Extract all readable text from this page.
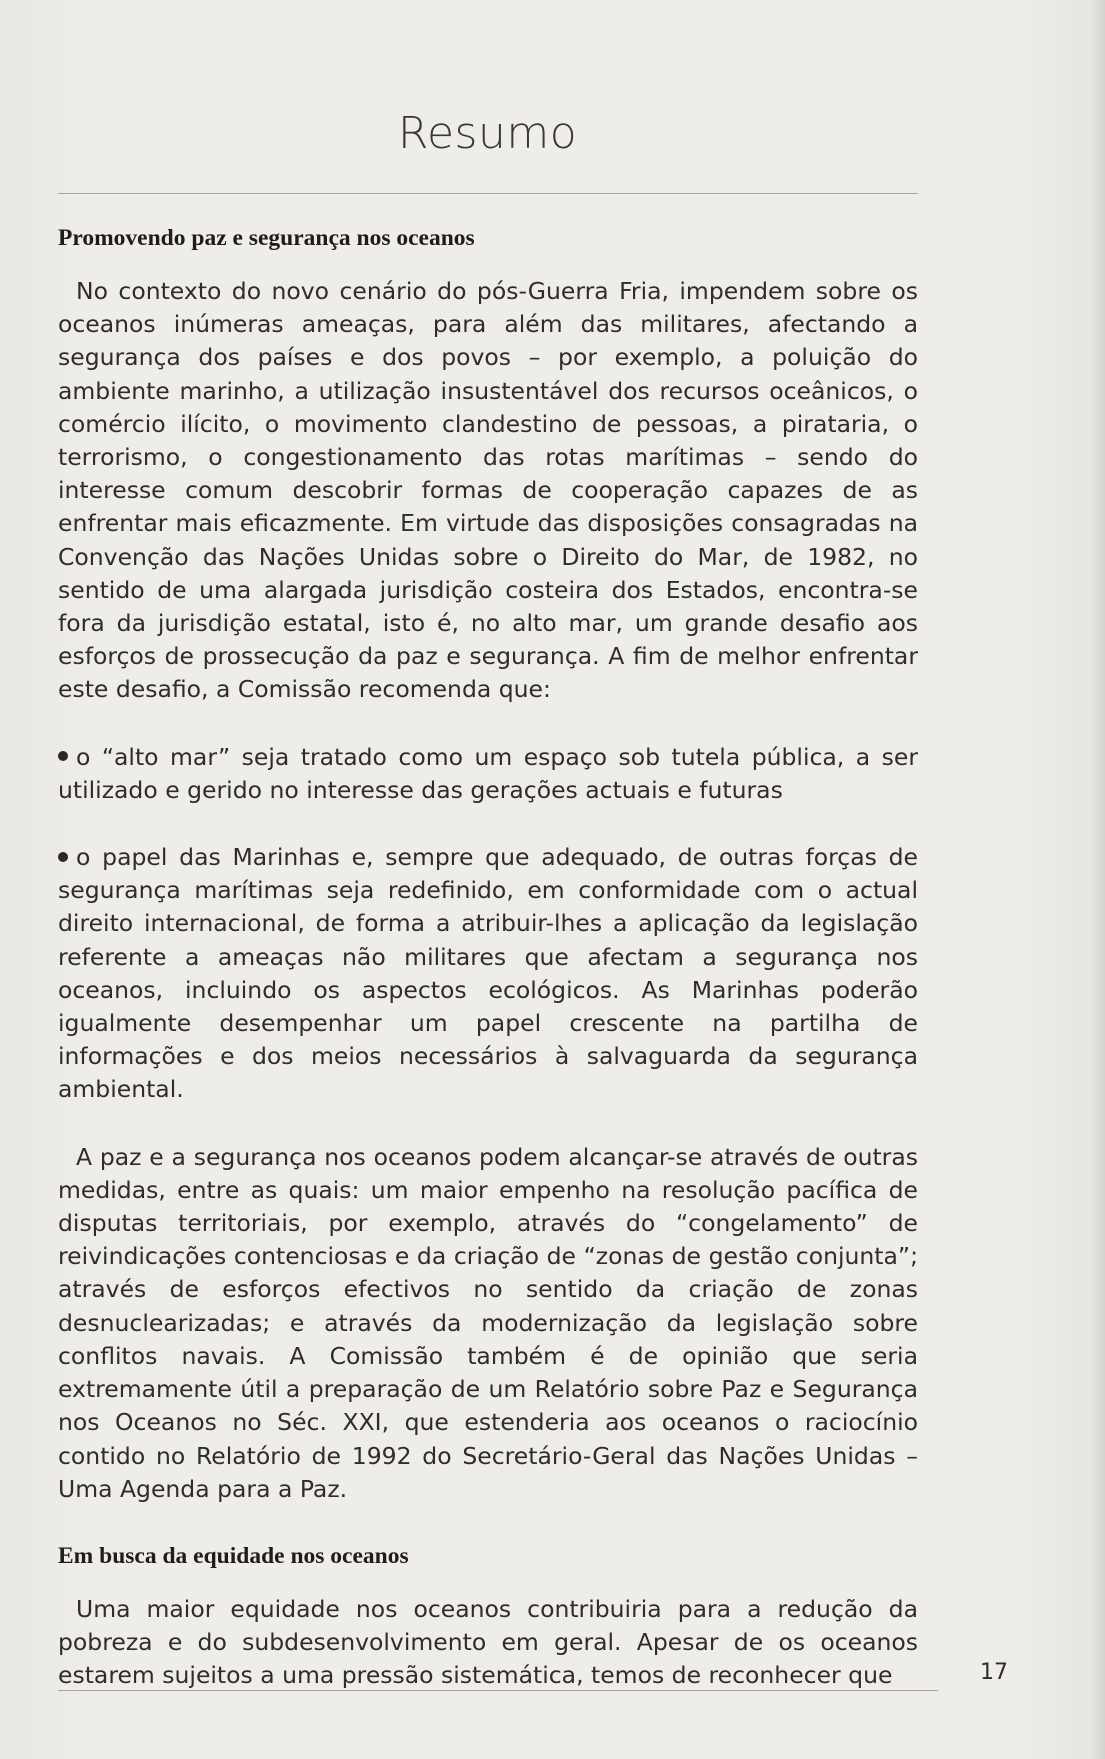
Resumo
Promovendo paz e segurança nos oceanos

No contexto do novo cenário do pós-Guerra Fria, impendem sobre os oceanos inúmeras ameaças, para além das militares, afectando a segurança dos países e dos povos – por exemplo, a poluição do ambiente marinho, a utilização insustentável dos recursos oceânicos, o comércio ilícito, o movimento clandestino de pessoas, a pirataria, o terrorismo, o congestionamento das rotas marítimas – sendo do interesse comum descobrir formas de cooperação capazes de as enfrentar mais eficazmente. Em virtude das disposições consagradas na Convenção das Nações Unidas sobre o Direito do Mar, de 1982, no sentido de uma alargada jurisdição costeira dos Estados, encontra-se fora da jurisdição estatal, isto é, no alto mar, um grande desafio aos esforços de prossecução da paz e segurança. A fim de melhor enfrentar este desafio, a Comissão recomenda que:

o “alto mar” seja tratado como um espaço sob tutela pública, a ser utilizado e gerido no interesse das gerações actuais e futuras

o papel das Marinhas e, sempre que adequado, de outras forças de segurança marítimas seja redefinido, em conformidade com o actual direito internacional, de forma a atribuir-lhes a aplicação da legislação referente a ameaças não militares que afectam a segurança nos oceanos, incluindo os aspectos ecológicos. As Marinhas poderão igualmente desempenhar um papel crescente na partilha de informações e dos meios necessários à salvaguarda da segurança ambiental.

A paz e a segurança nos oceanos podem alcançar-se através de outras medidas, entre as quais: um maior empenho na resolução pacífica de disputas territoriais, por exemplo, através do “congelamento” de reivindicações contenciosas e da criação de “zonas de gestão conjunta”; através de esforços efectivos no sentido da criação de zonas desnuclearizadas; e através da modernização da legislação sobre conflitos navais. A Comissão também é de opinião que seria extremamente útil a preparação de um Relatório sobre Paz e Segurança nos Oceanos no Séc. XXI, que estenderia aos oceanos o raciocínio contido no Relatório de 1992 do Secretário-Geral das Nações Unidas – Uma Agenda para a Paz.

Em busca da equidade nos oceanos

Uma maior equidade nos oceanos contribuiria para a redução da pobreza e do subdesenvolvimento em geral. Apesar de os oceanos estarem sujeitos a uma pressão sistemática, temos de reconhecer que	17
